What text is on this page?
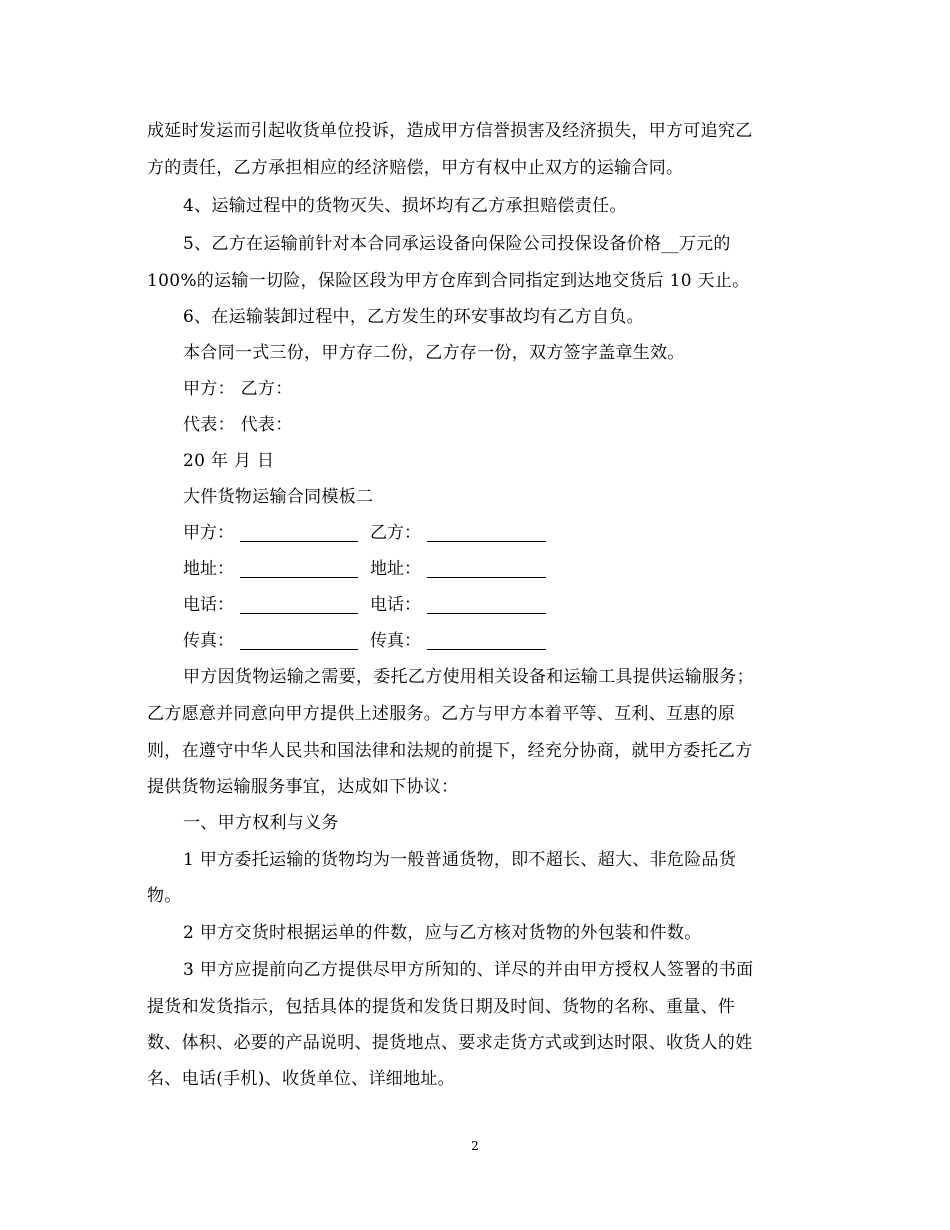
成延时发运而引起收货单位投诉，造成甲方信誉损害及经济损失，甲方可追究乙
方的责任，乙方承担相应的经济赔偿，甲方有权中止双方的运输合同。
4、运输过程中的货物灭失、损坏均有乙方承担赔偿责任。
5、乙方在运输前针对本合同承运设备向保险公司投保设备价格__万元的
100%的运输一切险，保险区段为甲方仓库到合同指定到达地交货后 10 天止。
6、在运输装卸过程中，乙方发生的环安事故均有乙方自负。
本合同一式三份，甲方存二份，乙方存一份，双方签字盖章生效。
甲方： 乙方：
代表： 代表：
20 年 月 日
大件货物运输合同模板二
甲方：	乙方：
地址：	地址：
电话：	电话：
传真：	传真：
甲方因货物运输之需要，委托乙方使用相关设备和运输工具提供运输服务；
乙方愿意并同意向甲方提供上述服务。乙方与甲方本着平等、互利、互惠的原
则，在遵守中华人民共和国法律和法规的前提下，经充分协商，就甲方委托乙方
提供货物运输服务事宜，达成如下协议：
一、甲方权利与义务
1 甲方委托运输的货物均为一般普通货物，即不超长、超大、非危险品货
物。
2 甲方交货时根据运单的件数，应与乙方核对货物的外包装和件数。
3 甲方应提前向乙方提供尽甲方所知的、详尽的并由甲方授权人签署的书面
提货和发货指示，包括具体的提货和发货日期及时间、货物的名称、重量、件
数、体积、必要的产品说明、提货地点、要求走货方式或到达时限、收货人的姓
名、电话(手机)、收货单位、详细地址。
2
